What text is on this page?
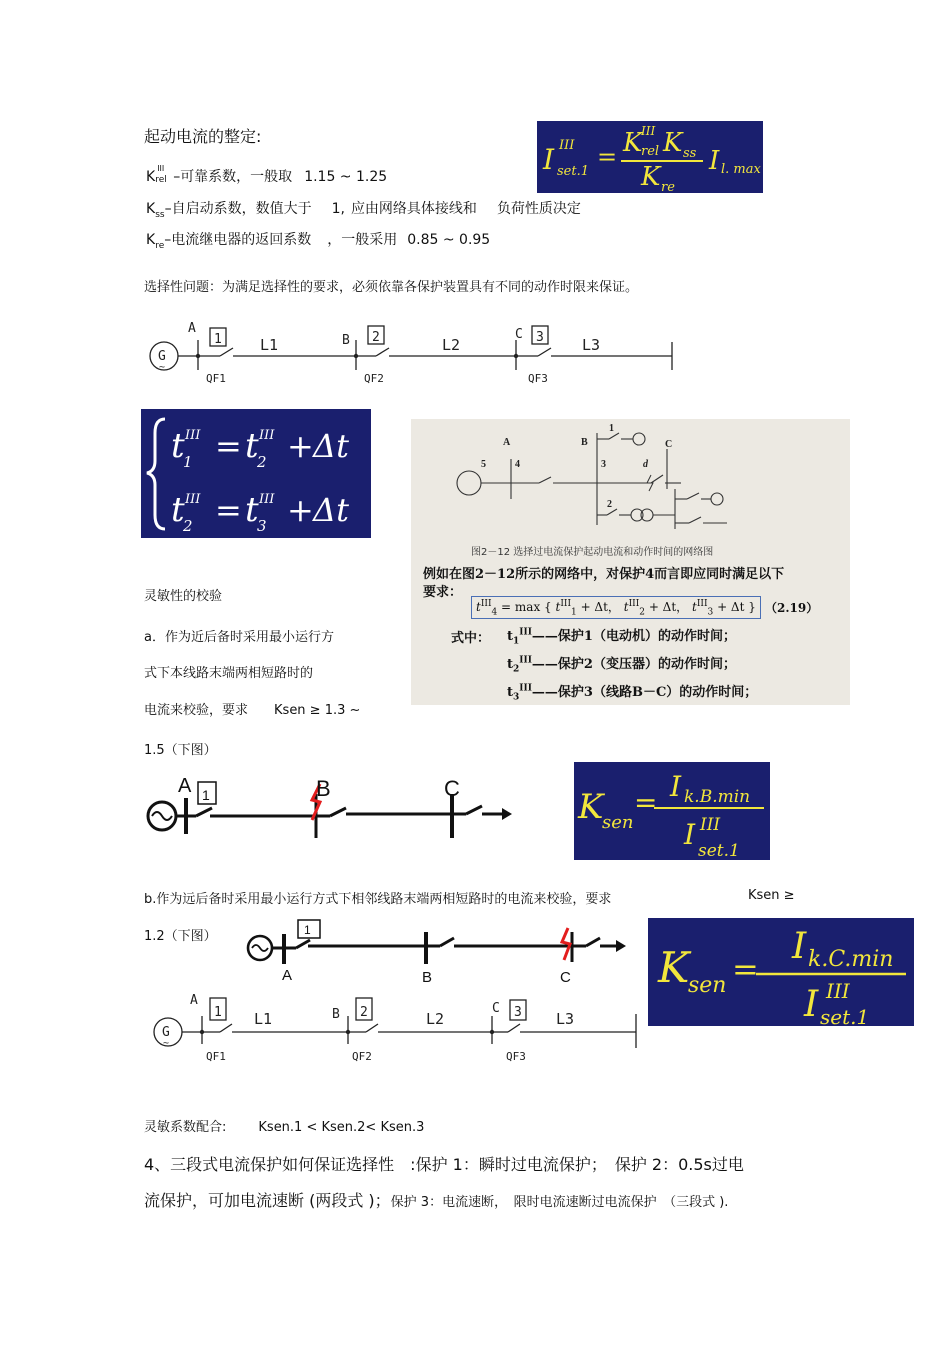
起动电流的整定:
K
III
rel –可靠系数，一般取 1.15 ~ 1.25
$K_{ss}-$自启动系数，数值大于 1, 应由网络具体接线和 负荷性质决定
$K_{re}-$电流继电器的返回系数 ，一般采用 0.85 ~ 0.95
I III
set.1
= K
III
rel K ss
K re
I l. max
选择性问题：为满足选择性的要求，必须依靠各保护装置具有不同的动作时限来保证。
G
~
A
B	C
1	2	3
L1	L2	L3
QF1	QF2	QF3
t
1
III = t
2
III + Δt
t
2
III = t
3
III + Δt
A	B	C
1
2
3
4
5	d
图2－12 选择过电流保护起动电流和动作时间的网络图
例如在图2－12所示的网络中，对保护4而言即应同时满足以下
要求：
$t^{III}_4 = \max$ { $t^{III}_1 + \Delta t$， $t^{III}_2 + \Delta t$， $t^{III}_3 + \Delta t$ } （2.19）
式中： $t_1^{III}——$保护1（电动机）的动作时间；
$t_2^{III}——$保护2（变压器）的动作时间；
$t_3^{III}——$保护3（线路B－C）的动作时间；
灵敏性的校验
a．作为近后备时采用最小运行方
式下本线路末端两相短路时的
电流来校验，要求 Ksen ≥ 1.3 ~
1.5（下图）
A	B	C
1	K
sen
= I k.B.min
I III
set.1
b.作为远后备时采用最小运行方式下相邻线路末端两相短路时的电流来校验，要求	Ksen ≥
1.2（下图）
A	B	C
1
K
sen =
I k.C.min
I III
set.1
G
~
A
B	C
1	2	3
L1	L2	L3
QF1	QF2	QF3
灵敏系数配合: Ksen.1 < Ksen.2< Ksen.3
4、三段式电流保护如何保证选择性　:保护 1：瞬时过电流保护；　保护 2：0.5s过电
流保护，可加电流速断 (两段式 )；保护 3：电流速断，　限时电流速断过电流保护　（三段式 ).
